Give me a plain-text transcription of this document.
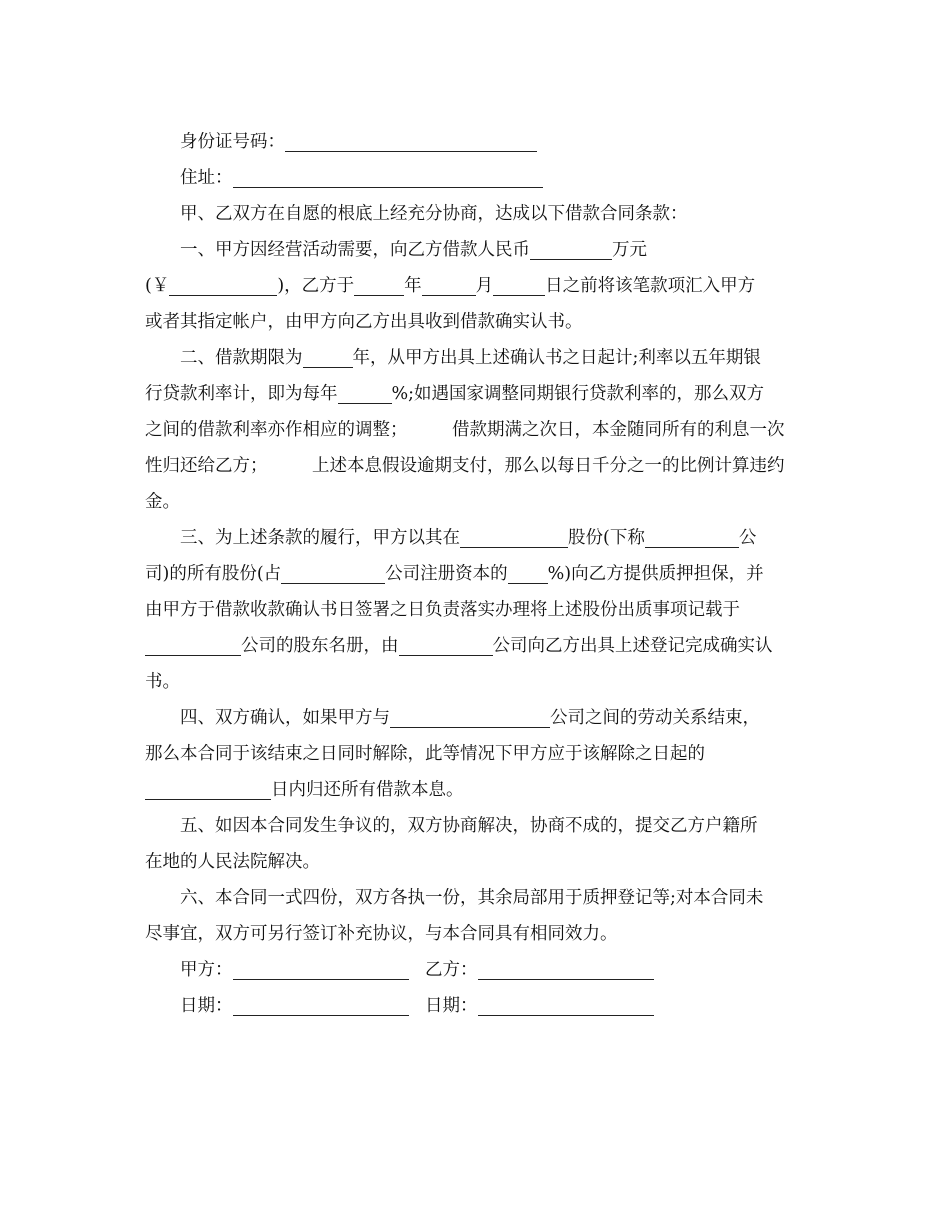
身份证号码：
住址：
甲、乙双方在自愿的根底上经充分协商，达成以下借款合同条款：
一、甲方因经营活动需要，向乙方借款人民币	万元
(￥	)，乙方于	年	月	日之前将该笔款项汇入甲方
或者其指定帐户，由甲方向乙方出具收到借款确实认书。
二、借款期限为	年，从甲方出具上述确认书之日起计;利率以五年期银
行贷款利率计，即为每年	%;如遇国家调整同期银行贷款利率的，那么双方
之间的借款利率亦作相应的调整；        借款期满之次日，本金随同所有的利息一次
性归还给乙方；        上述本息假设逾期支付，那么以每日千分之一的比例计算违约
金。
三、为上述条款的履行，甲方以其在	股份(下称	公
司)的所有股份(占	公司注册资本的 %)向乙方提供质押担保，并
由甲方于借款收款确认书日签署之日负责落实办理将上述股份出质事项记载于
公司的股东名册，由	公司向乙方出具上述登记完成确实认
书。
四、双方确认，如果甲方与	公司之间的劳动关系结束，
那么本合同于该结束之日同时解除，此等情况下甲方应于该解除之日起的
日内归还所有借款本息。
五、如因本合同发生争议的，双方协商解决，协商不成的，提交乙方户籍所
在地的人民法院解决。
六、本合同一式四份，双方各执一份，其余局部用于质押登记等;对本合同未
尽事宜，双方可另行签订补充协议，与本合同具有相同效力。
甲方：	乙方：
日期：	日期：
